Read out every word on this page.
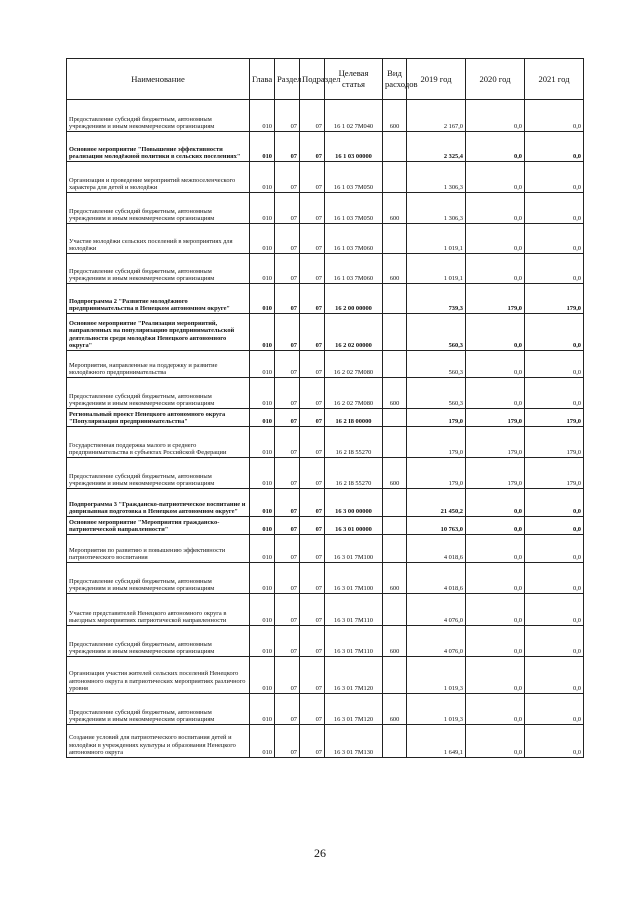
Наименование	Глава	Раздел	Подраздел	Целевая статья	Вид расходов	2019 год	2020 год	2021 год
Предоставление субсидий бюджетным, автономным учреждениям и иным некоммерческим организациям	010	07	07	16 1 02 7М040	600	2 167,0	0,0	0,0
Основное мероприятие "Повышение эффективности реализации молодёжной политики в сельских поселениях"	010	07	07	16 1 03 00000		2 325,4	0,0	0,0
Организация и проведение мероприятий межпоселенческого характера для детей и молодёжи	010	07	07	16 1 03 7М050		1 306,3	0,0	0,0
Предоставление субсидий бюджетным, автономным учреждениям и иным некоммерческим организациям	010	07	07	16 1 03 7М050	600	1 306,3	0,0	0,0
Участие молодёжи сельских поселений в мероприятиях для молодёжи	010	07	07	16 1 03 7М060		1 019,1	0,0	0,0
Предоставление субсидий бюджетным, автономным учреждениям и иным некоммерческим организациям	010	07	07	16 1 03 7М060	600	1 019,1	0,0	0,0
Подпрограмма 2 "Развитие молодёжного предпринимательства в Ненецком автономном округе"	010	07	07	16 2 00 00000		739,3	179,0	179,0
Основное мероприятие "Реализация мероприятий, направленных на популяризацию предпринимательской деятельности среди молодёжи Ненецкого автономного округа"	010	07	07	16 2 02 00000		560,3	0,0	0,0
Мероприятия, направленные на поддержку и развитие молодёжного предпринимательства	010	07	07	16 2 02 7М080		560,3	0,0	0,0
Предоставление субсидий бюджетным, автономным учреждениям и иным некоммерческим организациям	010	07	07	16 2 02 7М080	600	560,3	0,0	0,0
Региональный проект Ненецкого автономного округа "Популяризация предпринимательства"	010	07	07	16 2 I8 00000		179,0	179,0	179,0
Государственная поддержка малого и среднего предпринимательства в субъектах Российской Федерации	010	07	07	16 2 I8 55270		179,0	179,0	179,0
Предоставление субсидий бюджетным, автономным учреждениям и иным некоммерческим организациям	010	07	07	16 2 I8 55270	600	179,0	179,0	179,0
Подпрограмма 3 "Гражданско-патриотическое воспитание и допризывная подготовка в Ненецком автономном округе"	010	07	07	16 3 00 00000		21 450,2	0,0	0,0
Основное мероприятие "Мероприятия гражданско-патриотической направленности"	010	07	07	16 3 01 00000		10 763,0	0,0	0,0
Мероприятия по развитию и повышению эффективности патриотического воспитания	010	07	07	16 3 01 7М100		4 018,6	0,0	0,0
Предоставление субсидий бюджетным, автономным учреждениям и иным некоммерческим организациям	010	07	07	16 3 01 7М100	600	4 018,6	0,0	0,0
Участие представителей Ненецкого автономного округа в выездных мероприятиях патриотической направленности	010	07	07	16 3 01 7М110		4 076,0	0,0	0,0
Предоставление субсидий бюджетным, автономным учреждениям и иным некоммерческим организациям	010	07	07	16 3 01 7М110	600	4 076,0	0,0	0,0
Организация участия жителей сельских поселений Ненецкого автономного округа в патриотических мероприятиях различного уровня	010	07	07	16 3 01 7М120		1 019,3	0,0	0,0
Предоставление субсидий бюджетным, автономным учреждениям и иным некоммерческим организациям	010	07	07	16 3 01 7М120	600	1 019,3	0,0	0,0
Создание условий для патриотического воспитания детей и молодёжи в учреждениях культуры и образования Ненецкого автономного округа	010	07	07	16 3 01 7М130		1 649,1	0,0	0,0
26
